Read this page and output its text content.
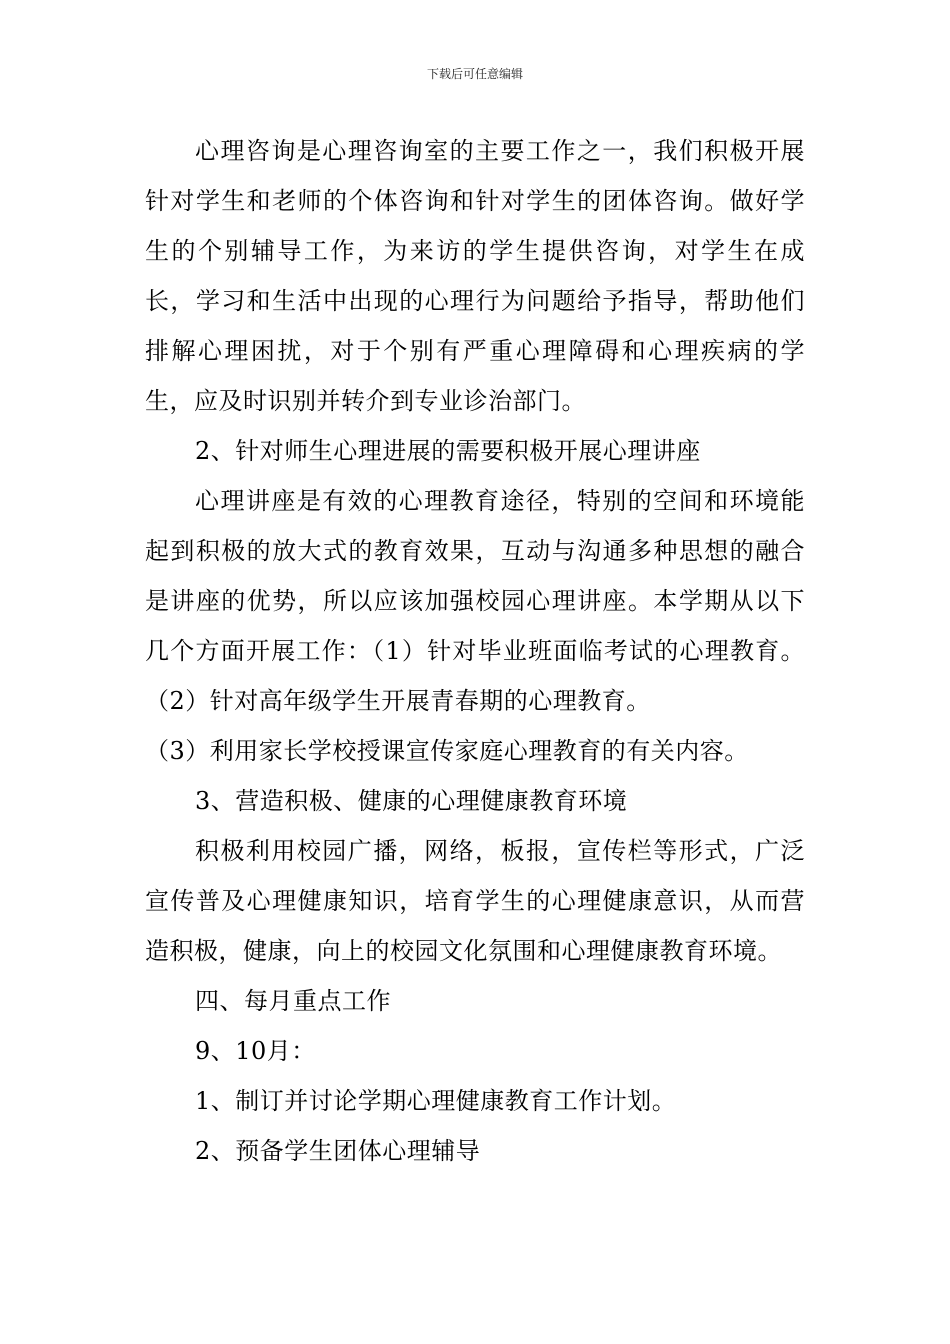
下载后可任意编辑

心理咨询是心理咨询室的主要工作之一，我们积极开展针对学生和老师的个体咨询和针对学生的团体咨询。做好学生的个别辅导工作，为来访的学生提供咨询，对学生在成长，学习和生活中出现的心理行为问题给予指导，帮助他们排解心理困扰，对于个别有严重心理障碍和心理疾病的学生，应及时识别并转介到专业诊治部门。

2、针对师生心理进展的需要积极开展心理讲座

心理讲座是有效的心理教育途径，特别的空间和环境能起到积极的放大式的教育效果，互动与沟通多种思想的融合是讲座的优势，所以应该加强校园心理讲座。本学期从以下几个方面开展工作：（1）针对毕业班面临考试的心理教育。（2）针对高年级学生开展青春期的心理教育。

（3）利用家长学校授课宣传家庭心理教育的有关内容。

3、营造积极、健康的心理健康教育环境

积极利用校园广播，网络，板报，宣传栏等形式，广泛宣传普及心理健康知识，培育学生的心理健康意识，从而营造积极，健康，向上的校园文化氛围和心理健康教育环境。

四、每月重点工作

9、10月：

1、制订并讨论学期心理健康教育工作计划。

2、预备学生团体心理辅导
